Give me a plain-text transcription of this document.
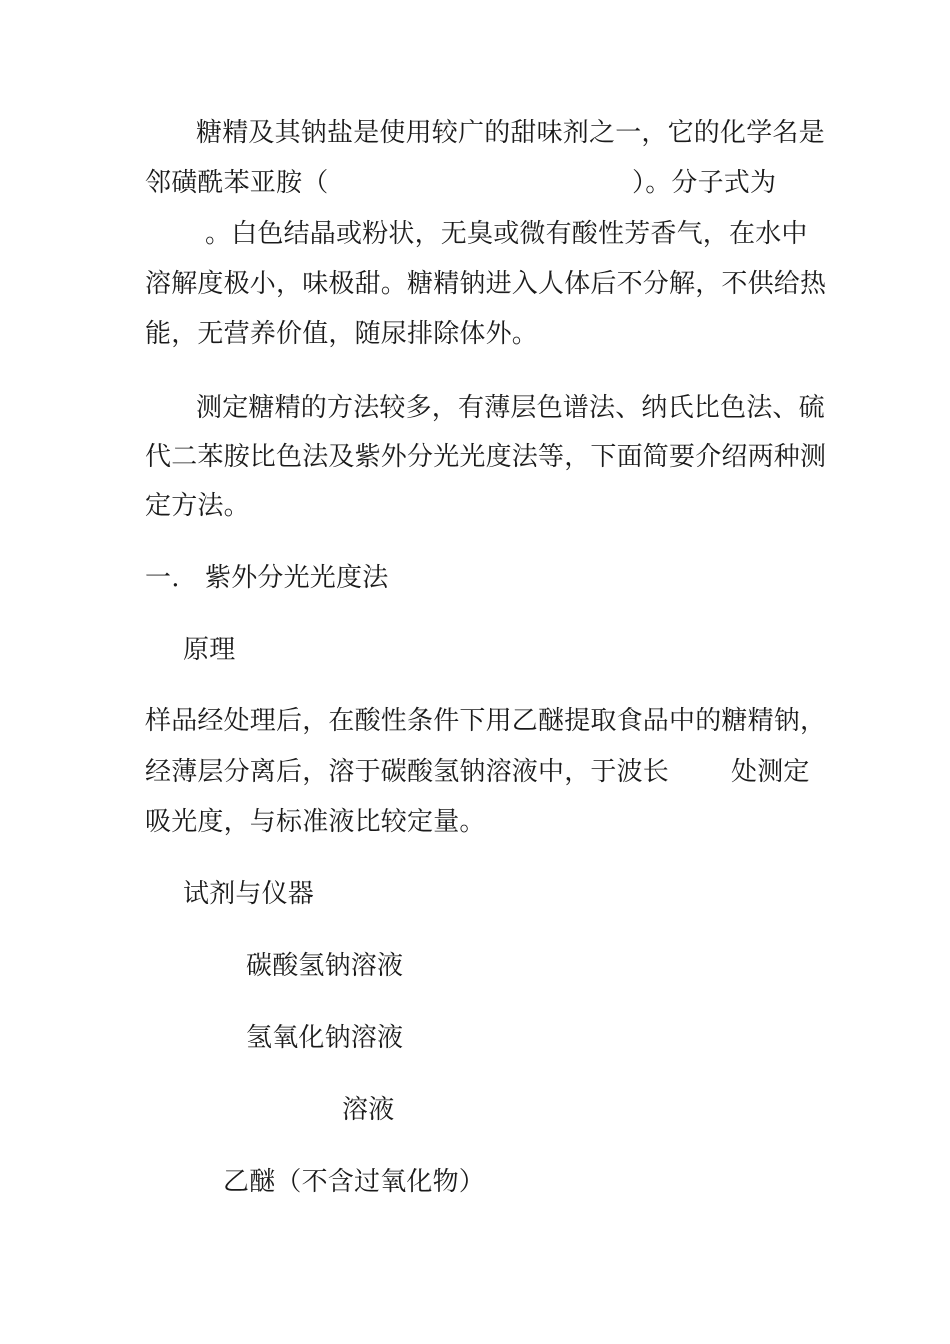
糖精及其钠盐是使用较广的甜味剂之一，它的化学名是
邻磺酰苯亚胺（	）。分子式为
。白色结晶或粉状，无臭或微有酸性芳香气，在水中
溶解度极小，味极甜。糖精钠进入人体后不分解，不供给热
能，无营养价值，随尿排除体外。
测定糖精的方法较多，有薄层色谱法、纳氏比色法、硫
代二苯胺比色法及紫外分光光度法等，下面简要介绍两种测
定方法。
一. 紫外分光光度法
原理
样品经处理后，在酸性条件下用乙醚提取食品中的糖精钠，
经薄层分离后，溶于碳酸氢钠溶液中，于波长 处测定
吸光度，与标准液比较定量。
试剂与仪器
碳酸氢钠溶液
氢氧化钠溶液
溶液
乙醚（不含过氧化物）
